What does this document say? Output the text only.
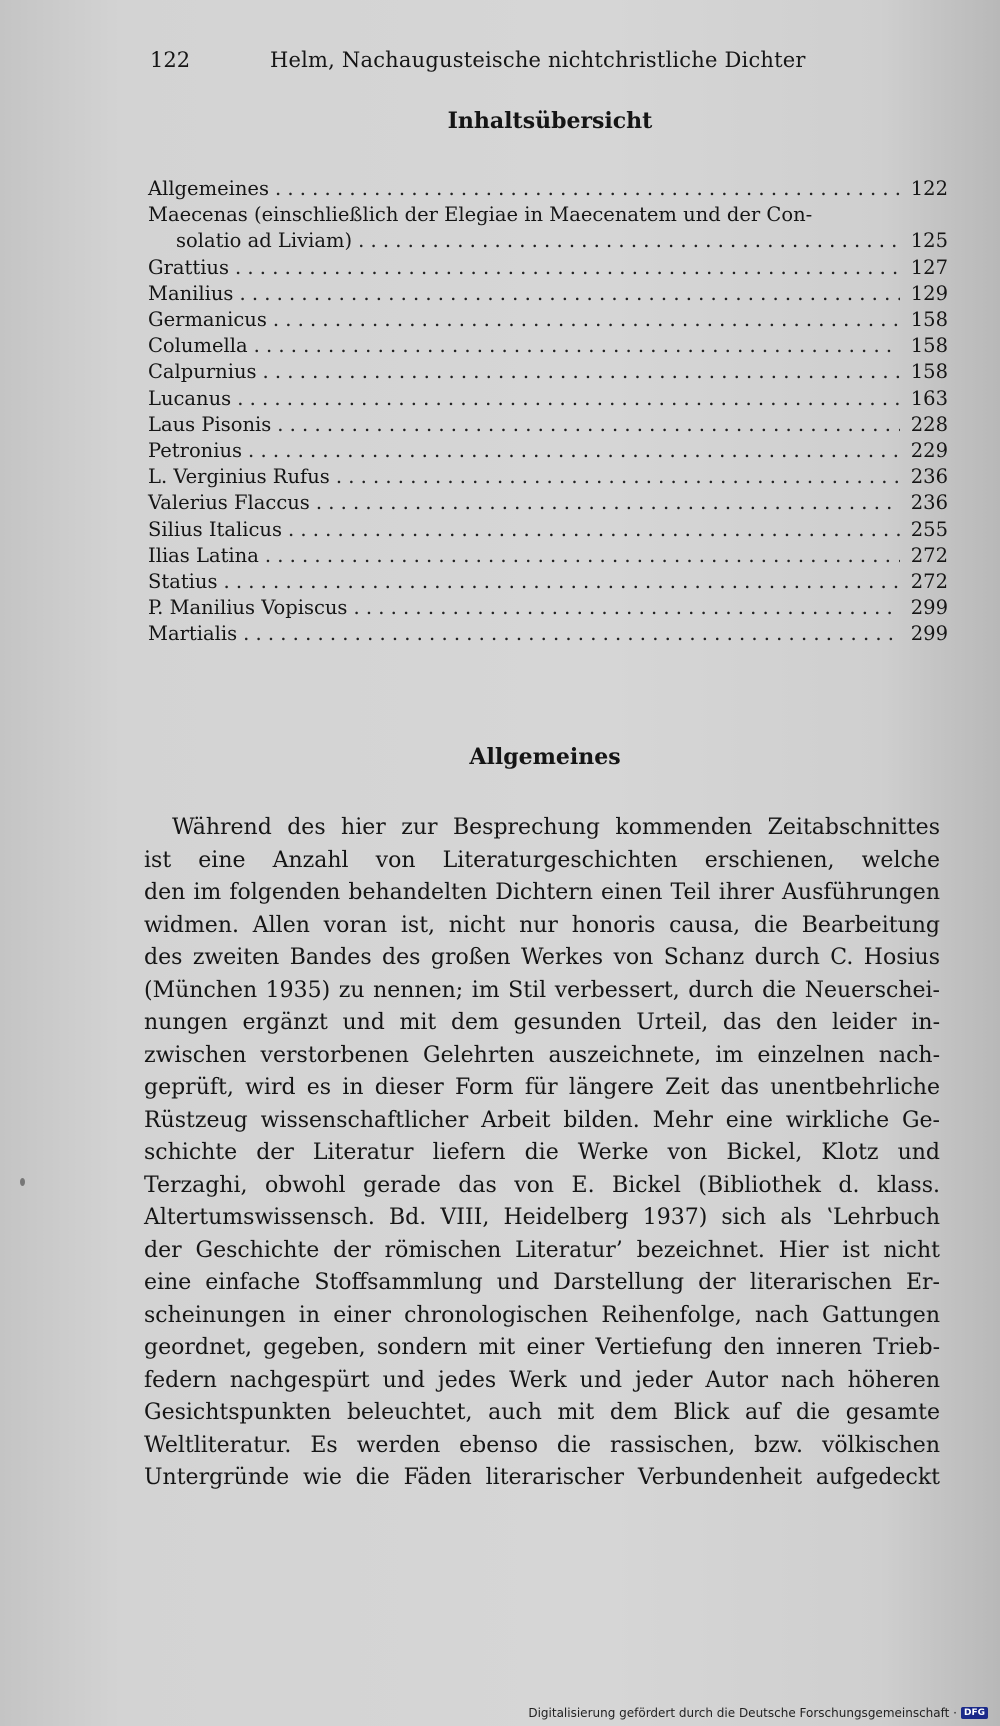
122	Helm, Nachaugusteische nichtchristliche Dichter
Inhaltsübersicht
Allgemeines . . .	122
Maecenas (einschließlich der Elegiae in Maecenatem und der Con-
solatio ad Liviam) . . .	125
Grattius . . .	127
Manilius . . .	129
Germanicus . . .	158
Columella . . .	158
Calpurnius . . .	158
Lucanus . . .	163
Laus Pisonis . . .	228
Petronius . . .	229
L. Verginius Rufus . . .	236
Valerius Flaccus . . .	236
Silius Italicus . . .	255
Ilias Latina . . .	272
Statius . . .	272
P. Manilius Vopiscus . . .	299
Martialis . . .	299
Allgemeines
Während des hier zur Besprechung kommenden Zeitabschnittes
ist eine Anzahl von Literaturgeschichten erschienen, welche
den im folgenden behandelten Dichtern einen Teil ihrer Ausführungen
widmen. Allen voran ist, nicht nur honoris causa, die Bearbeitung
des zweiten Bandes des großen Werkes von Schanz durch C. Hosius
(München 1935) zu nennen; im Stil verbessert, durch die Neuerschei-
nungen ergänzt und mit dem gesunden Urteil, das den leider in-
zwischen verstorbenen Gelehrten auszeichnete, im einzelnen nach-
geprüft, wird es in dieser Form für längere Zeit das unentbehrliche
Rüstzeug wissenschaftlicher Arbeit bilden. Mehr eine wirkliche Ge-
schichte der Literatur liefern die Werke von Bickel, Klotz und
Terzaghi, obwohl gerade das von E. Bickel (Bibliothek d. klass.
Altertumswissensch. Bd. VIII, Heidelberg 1937) sich als ʽLehrbuch
der Geschichte der römischen Literatur’ bezeichnet. Hier ist nicht
eine einfache Stoffsammlung und Darstellung der literarischen Er-
scheinungen in einer chronologischen Reihenfolge, nach Gattungen
geordnet, gegeben, sondern mit einer Vertiefung den inneren Trieb-
federn nachgespürt und jedes Werk und jeder Autor nach höheren
Gesichtspunkten beleuchtet, auch mit dem Blick auf die gesamte
Weltliteratur. Es werden ebenso die rassischen, bzw. völkischen
Untergründe wie die Fäden literarischer Verbundenheit aufgedeckt
Digitalisierung gefördert durch die Deutsche Forschungsgemeinschaft · DFG
